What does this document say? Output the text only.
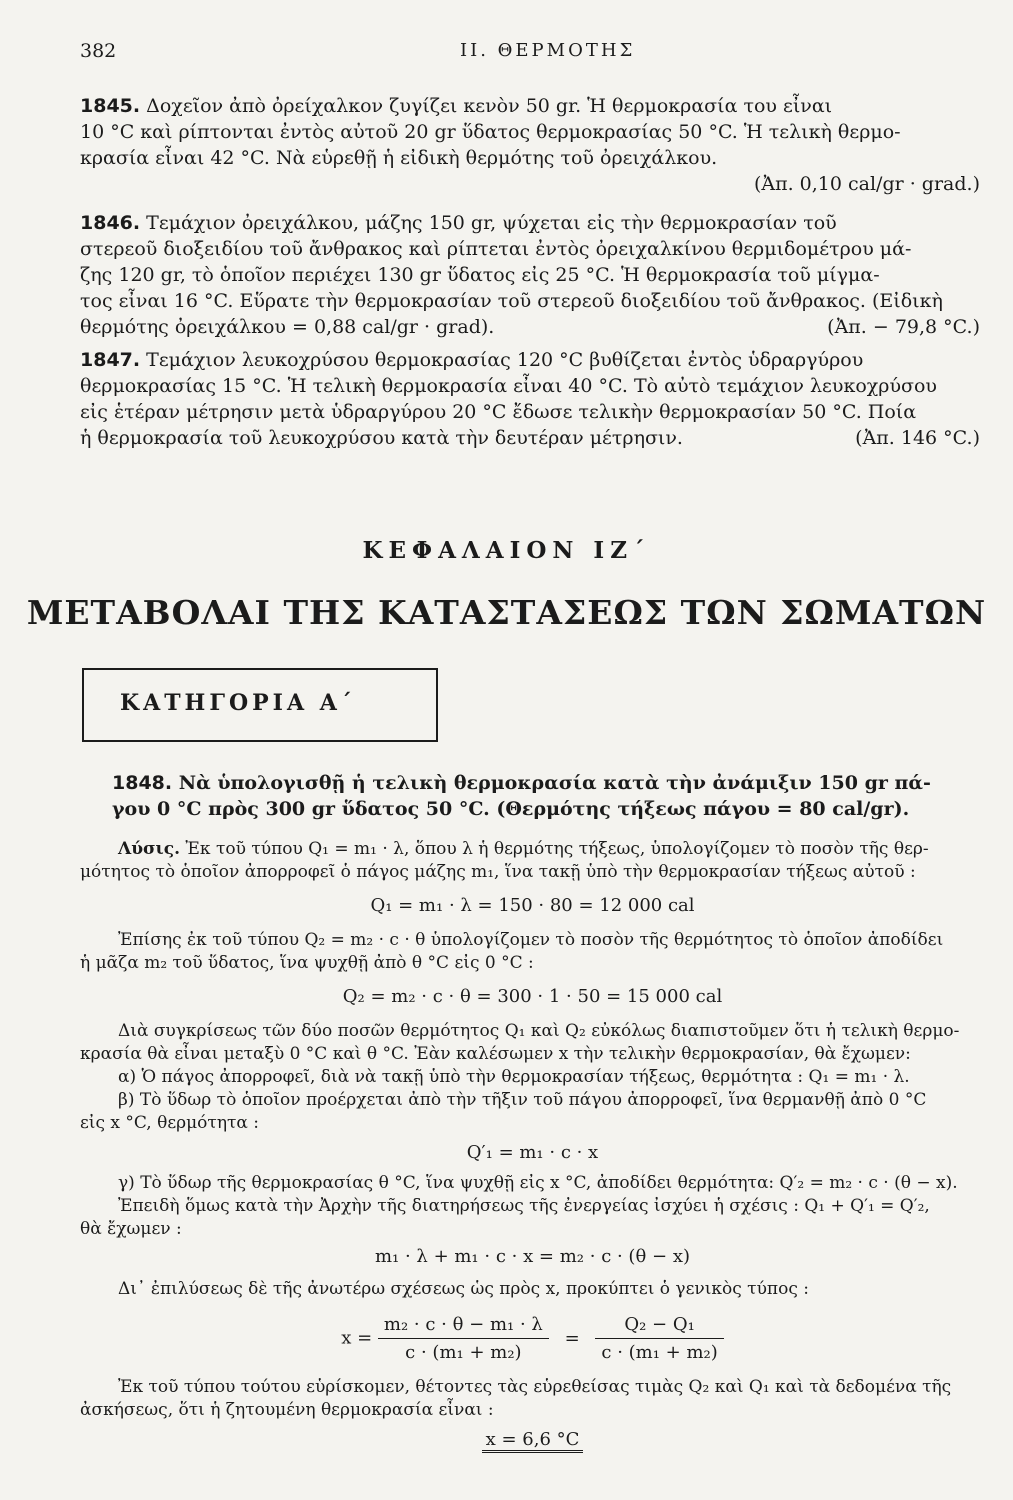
382	ΙΙ. ΘΕΡΜΟΤΗΣ
1845. Δοχεῖον ἀπὸ ὀρείχαλκον ζυγίζει κενὸν 50 gr. Ἡ θερμοκρασία του εἶναι
10 °C καὶ ρίπτονται ἐντὸς αὐτοῦ 20 gr ὕδατος θερμοκρασίας 50 °C. Ἡ τελικὴ θερμο-
κρασία εἶναι 42 °C. Νὰ εὑρεθῇ ἡ εἰδικὴ θερμότης τοῦ ὀρειχάλκου.
(Ἀπ. 0,10 cal/gr · grad.)
1846. Τεμάχιον ὀρειχάλκου, μάζης 150 gr, ψύχεται εἰς τὴν θερμοκρασίαν τοῦ
στερεοῦ διοξειδίου τοῦ ἄνθρακος καὶ ρίπτεται ἐντὸς ὀρειχαλκίνου θερμιδομέτρου μά-
ζης 120 gr, τὸ ὁποῖον περιέχει 130 gr ὕδατος εἰς 25 °C. Ἡ θερμοκρασία τοῦ μίγμα-
τος εἶναι 16 °C. Εὕρατε τὴν θερμοκρασίαν τοῦ στερεοῦ διοξειδίου τοῦ ἄνθρακος. (Εἰδικὴ
θερμότης ὀρειχάλκου = 0,88 cal/gr · grad).	(Ἀπ. − 79,8 °C.)
1847. Τεμάχιον λευκοχρύσου θερμοκρασίας 120 °C βυθίζεται ἐντὸς ὑδραργύρου
θερμοκρασίας 15 °C. Ἡ τελικὴ θερμοκρασία εἶναι 40 °C. Τὸ αὐτὸ τεμάχιον λευκοχρύσου
εἰς ἑτέραν μέτρησιν μετὰ ὑδραργύρου 20 °C ἔδωσε τελικὴν θερμοκρασίαν 50 °C. Ποία
ἡ θερμοκρασία τοῦ λευκοχρύσου κατὰ τὴν δευτέραν μέτρησιν.	(Ἀπ. 146 °C.)
ΚΕΦΑΛΑΙΟΝ ΙΖ΄
ΜΕΤΑΒΟΛΑΙ ΤΗΣ ΚΑΤΑΣΤΑΣΕΩΣ ΤΩΝ ΣΩΜΑΤΩΝ
ΚΑΤΗΓΟΡΙΑ Α΄
1848. Νὰ ὑπολογισθῇ ἡ τελικὴ θερμοκρασία κατὰ τὴν ἀνάμιξιν 150 gr πά-
γου 0 °C πρὸς 300 gr ὕδατος 50 °C. (Θερμότης τήξεως πάγου = 80 cal/gr).
Λύσις. Ἐκ τοῦ τύπου Q₁ = m₁ · λ, ὅπου λ ἡ θερμότης τήξεως, ὑπολογίζομεν τὸ ποσὸν τῆς θερ-
μότητος τὸ ὁποῖον ἀπορροφεῖ ὁ πάγος μάζης m₁, ἵνα τακῇ ὑπὸ τὴν θερμοκρασίαν τήξεως αὐτοῦ :
Q₁ = m₁ · λ = 150 · 80 = 12 000 cal
Ἐπίσης ἐκ τοῦ τύπου Q₂ = m₂ · c · θ ὑπολογίζομεν τὸ ποσὸν τῆς θερμότητος τὸ ὁποῖον ἀποδίδει
ἡ μᾶζα m₂ τοῦ ὕδατος, ἵνα ψυχθῇ ἀπὸ θ °C εἰς 0 °C :
Q₂ = m₂ · c · θ = 300 · 1 · 50 = 15 000 cal
Διὰ συγκρίσεως τῶν δύο ποσῶν θερμότητος Q₁ καὶ Q₂ εὐκόλως διαπιστοῦμεν ὅτι ἡ τελικὴ θερμο-
κρασία θὰ εἶναι μεταξὺ 0 °C καὶ θ °C. Ἐὰν καλέσωμεν x τὴν τελικὴν θερμοκρασίαν, θὰ ἔχωμεν:
α) Ὁ πάγος ἀπορροφεῖ, διὰ νὰ τακῇ ὑπὸ τὴν θερμοκρασίαν τήξεως, θερμότητα : Q₁ = m₁ · λ.
β) Τὸ ὕδωρ τὸ ὁποῖον προέρχεται ἀπὸ τὴν τῆξιν τοῦ πάγου ἀπορροφεῖ, ἵνα θερμανθῇ ἀπὸ 0 °C
εἰς x °C, θερμότητα :
Q′₁ = m₁ · c · x
γ) Τὸ ὕδωρ τῆς θερμοκρασίας θ °C, ἵνα ψυχθῇ εἰς x °C, ἀποδίδει θερμότητα: Q′₂ = m₂ · c · (θ − x).
Ἐπειδὴ ὅμως κατὰ τὴν Ἀρχὴν τῆς διατηρήσεως τῆς ἐνεργείας ἰσχύει ἡ σχέσις : Q₁ + Q′₁ = Q′₂,
θὰ ἔχωμεν :
m₁ · λ + m₁ · c · x = m₂ · c · (θ − x)
Δι᾽ ἐπιλύσεως δὲ τῆς ἀνωτέρω σχέσεως ὡς πρὸς x, προκύπτει ὁ γενικὸς τύπος :
$x = \frac{\text{m₂ · c · θ − m₁ · λ}}{\text{c · (m₁ + m₂)}} = \frac{\text{Q₂ − Q₁}}{\text{c · (m₁ + m₂)}}$
Ἐκ τοῦ τύπου τούτου εὑρίσκομεν, θέτοντες τὰς εὑρεθείσας τιμὰς Q₂ καὶ Q₁ καὶ τὰ δεδομένα τῆς
ἀσκήσεως, ὅτι ἡ ζητουμένη θερμοκρασία εἶναι :
x = 6,6 °C
